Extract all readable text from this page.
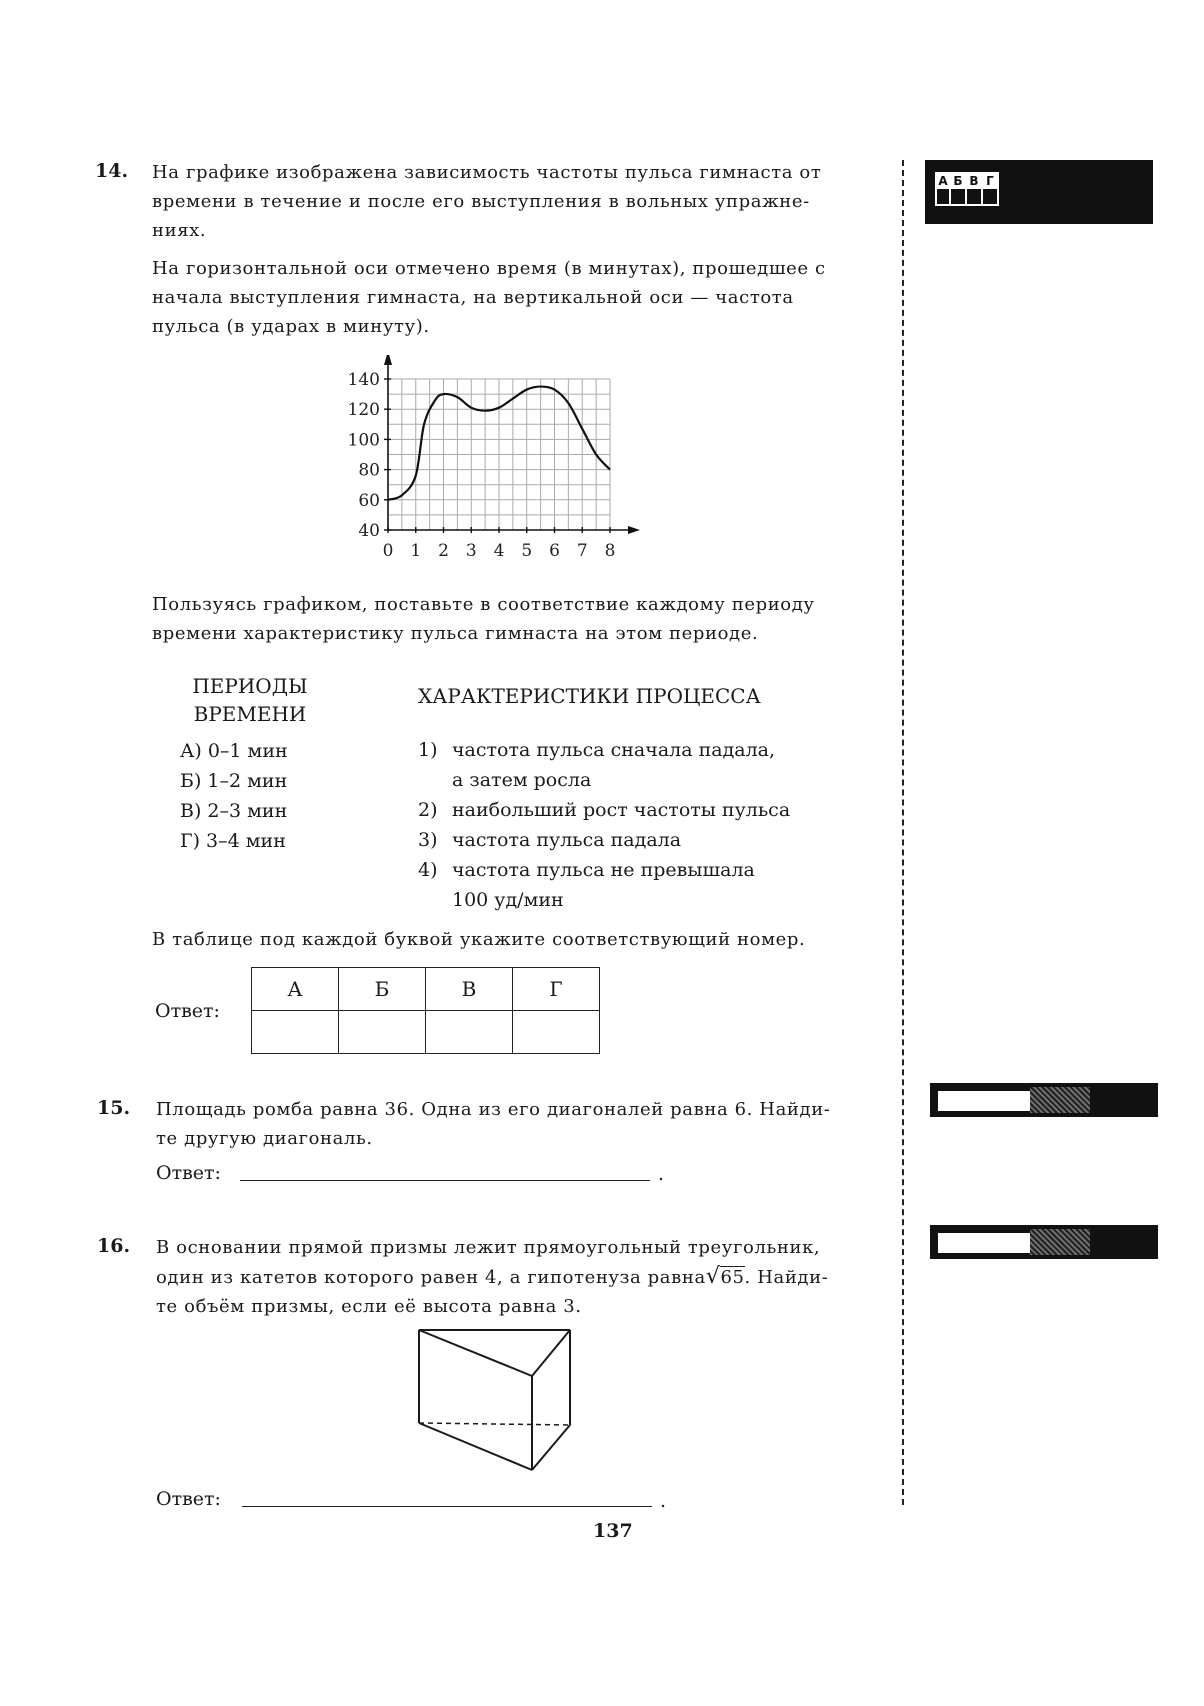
А Б В Г
14. На графике изображена зависимость частоты пульса гимнаста от
времени в течение и после его выступления в вольных упражне-
ниях.
На горизонтальной оси отмечено время (в минутах), прошедшее с
начала выступления гимнаста, на вертикальной оси — частота
пульса (в ударах в минуту).
0 1 2 3 4 5 6 7 8
40
60
80
100
120
140
Пользуясь графиком, поставьте в соответствие каждому периоду
времени характеристику пульса гимнаста на этом периоде.
ПЕРИОДЫ
ВРЕМЕНИ
ХАРАКТЕРИСТИКИ ПРОЦЕССА
А) 0–1 мин
Б) 1–2 мин
В) 2–3 мин
Г) 3–4 мин
1) частота пульса сначала падала,
а затем росла
2) наибольший рост частоты пульса
3) частота пульса падала
4) частота пульса не превышала
100 уд/мин
В таблице под каждой буквой укажите соответствующий номер.
Ответ:
А	Б	В	Г

15. Площадь ромба равна 36. Одна из его диагоналей равна 6. Найди-
те другую диагональ.
Ответ:	.
16. В основании прямой призмы лежит прямоугольный треугольник,
один из катетов которого равен 4, а гипотенуза равна√65. Найди-
те объём призмы, если её высота равна 3.
Ответ:	.
137
